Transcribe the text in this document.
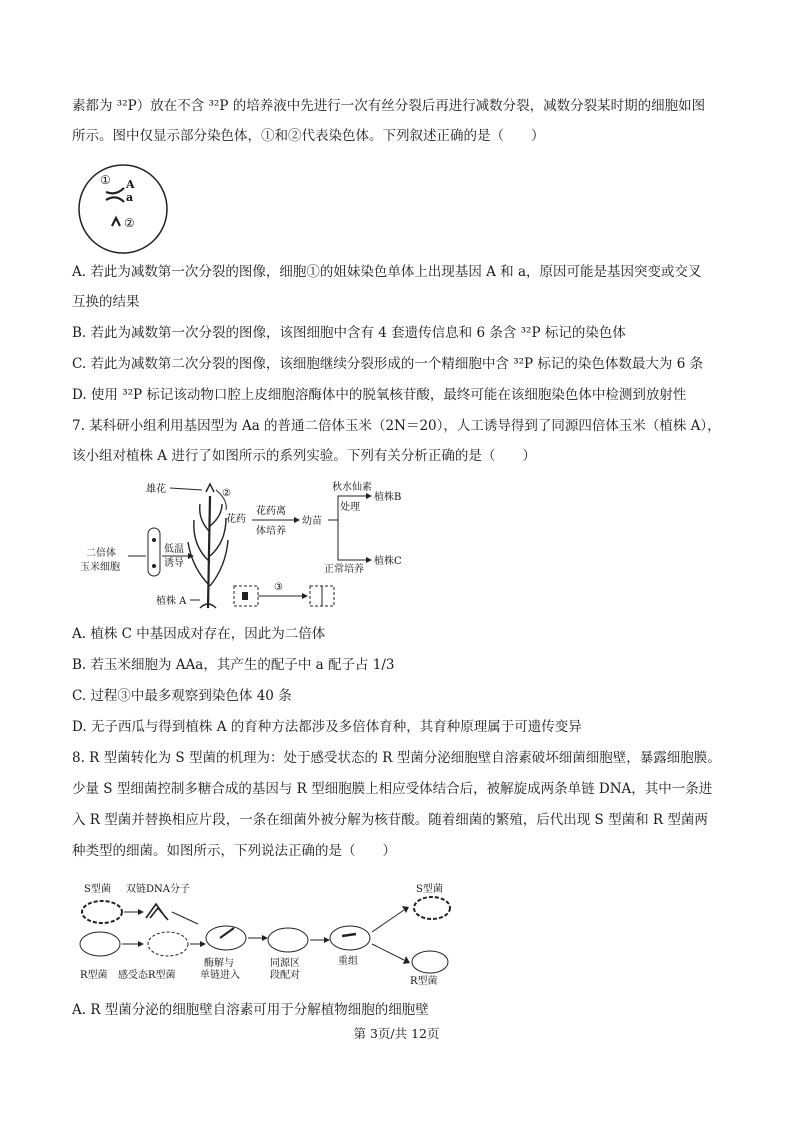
素都为 ³²P）放在不含 ³²P 的培养液中先进行一次有丝分裂后再进行减数分裂，减数分裂某时期的细胞如图
所示。图中仅显示部分染色体，①和②代表染色体。下列叙述正确的是（　　）
① A
a
②
A. 若此为减数第一次分裂的图像，细胞①的姐妹染色单体上出现基因 A 和 a，原因可能是基因突变或交叉
互换的结果
B. 若此为减数第一次分裂的图像，该图细胞中含有 4 套遗传信息和 6 条含 ³²P 标记的染色体
C. 若此为减数第二次分裂的图像，该细胞继续分裂形成的一个精细胞中含 ³²P 标记的染色体数最大为 6 条
D. 使用 ³²P 标记该动物口腔上皮细胞溶酶体中的脱氧核苷酸，最终可能在该细胞染色体中检测到放射性
7. 某科研小组利用基因型为 Aa 的普通二倍体玉米（2N＝20），人工诱导得到了同源四倍体玉米（植株 A），
该小组对植株 A 进行了如图所示的系列实验。下列有关分析正确的是（　　）
二倍体
玉米细胞
低温
诱导
雄花	②
花药
花药离
体培养
幼苗
秋水仙素
处理
植株B
正常培养
植株C
植株 A
③
A. 植株 C 中基因成对存在，因此为二倍体
B. 若玉米细胞为 AAa，其产生的配子中 a 配子占 1/3
C. 过程③中最多观察到染色体 40 条
D. 无子西瓜与得到植株 A 的育种方法都涉及多倍体育种，其育种原理属于可遗传变异
8. R 型菌转化为 S 型菌的机理为：处于感受状态的 R 型菌分泌细胞壁自溶素破坏细菌细胞壁，暴露细胞膜。
少量 S 型细菌控制多糖合成的基因与 R 型细胞膜上相应受体结合后，被解旋成两条单链 DNA，其中一条进
入 R 型菌并替换相应片段，一条在细菌外被分解为核苷酸。随着细菌的繁殖，后代出现 S 型菌和 R 型菌两
种类型的细菌。如图所示，下列说法正确的是（　　）
S型菌 双链DNA分子
R型菌 感受态R型菌
酶解与
单链进入
同源区
段配对
重组
S型菌
R型菌
A. R 型菌分泌的细胞壁自溶素可用于分解植物细胞的细胞壁
第 3页/共 12页
